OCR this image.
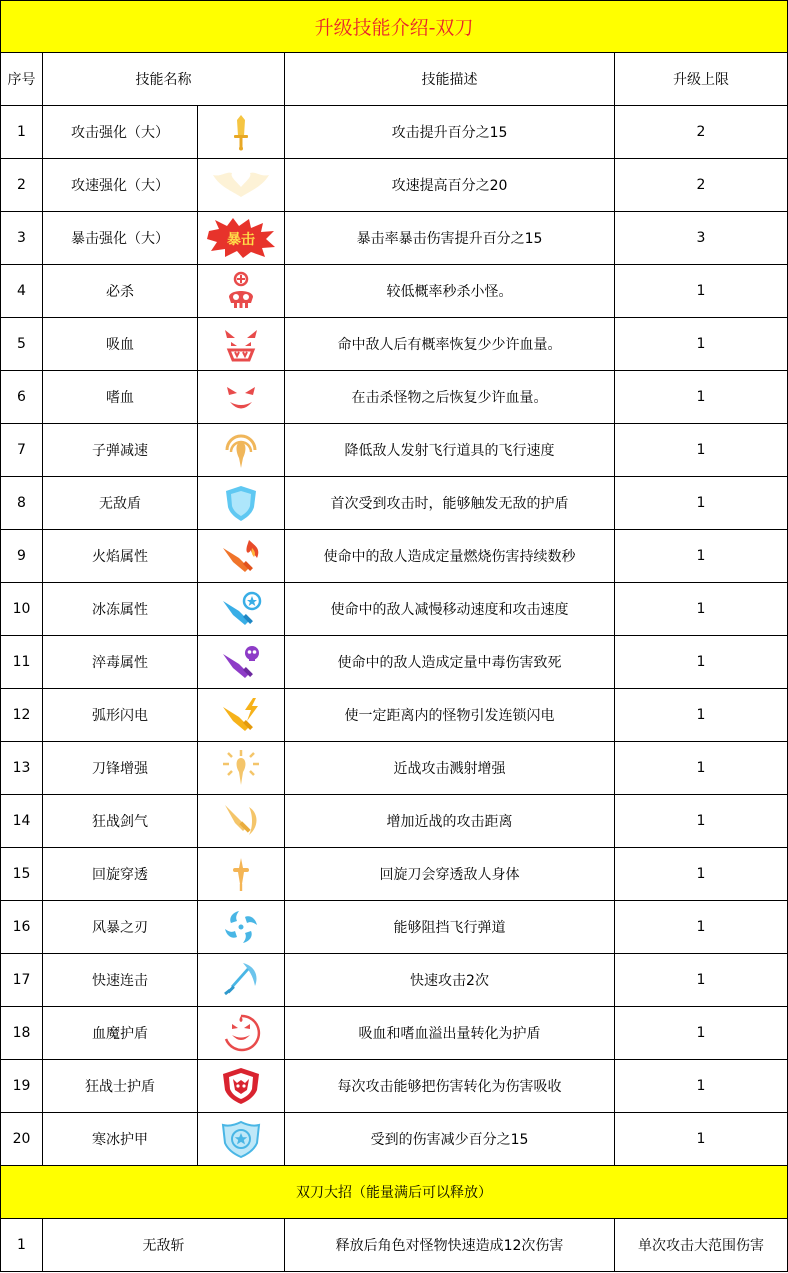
升级技能介绍-双刀				
序号	技能名称		技能描述	升级上限
1	攻击强化（大）		攻击提升百分之15	2
2	攻速强化（大）		攻速提高百分之20	2
3	暴击强化（大）	暴击	暴击率暴击伤害提升百分之15	3
4	必杀		较低概率秒杀小怪。	1
5	吸血		命中敌人后有概率恢复少少许血量。	1
6	嗜血		在击杀怪物之后恢复少许血量。	1
7	子弹减速		降低敌人发射飞行道具的飞行速度	1
8	无敌盾		首次受到攻击时，能够触发无敌的护盾	1
9	火焰属性		使命中的敌人造成定量燃烧伤害持续数秒	1
10	冰冻属性		使命中的敌人减慢移动速度和攻击速度	1
11	淬毒属性		使命中的敌人造成定量中毒伤害致死	1
12	弧形闪电		使一定距离内的怪物引发连锁闪电	1
13	刀锋增强		近战攻击溅射增强	1
14	狂战剑气		增加近战的攻击距离	1
15	回旋穿透		回旋刀会穿透敌人身体	1
16	风暴之刃		能够阻挡飞行弹道	1
17	快速连击		快速攻击2次	1
18	血魔护盾		吸血和嗜血溢出量转化为护盾	1
19	狂战士护盾		每次攻击能够把伤害转化为伤害吸收	1
20	寒冰护甲		受到的伤害减少百分之15	1
双刀大招（能量满后可以释放）				
1	无敌斩		释放后角色对怪物快速造成12次伤害	单次攻击大范围伤害
